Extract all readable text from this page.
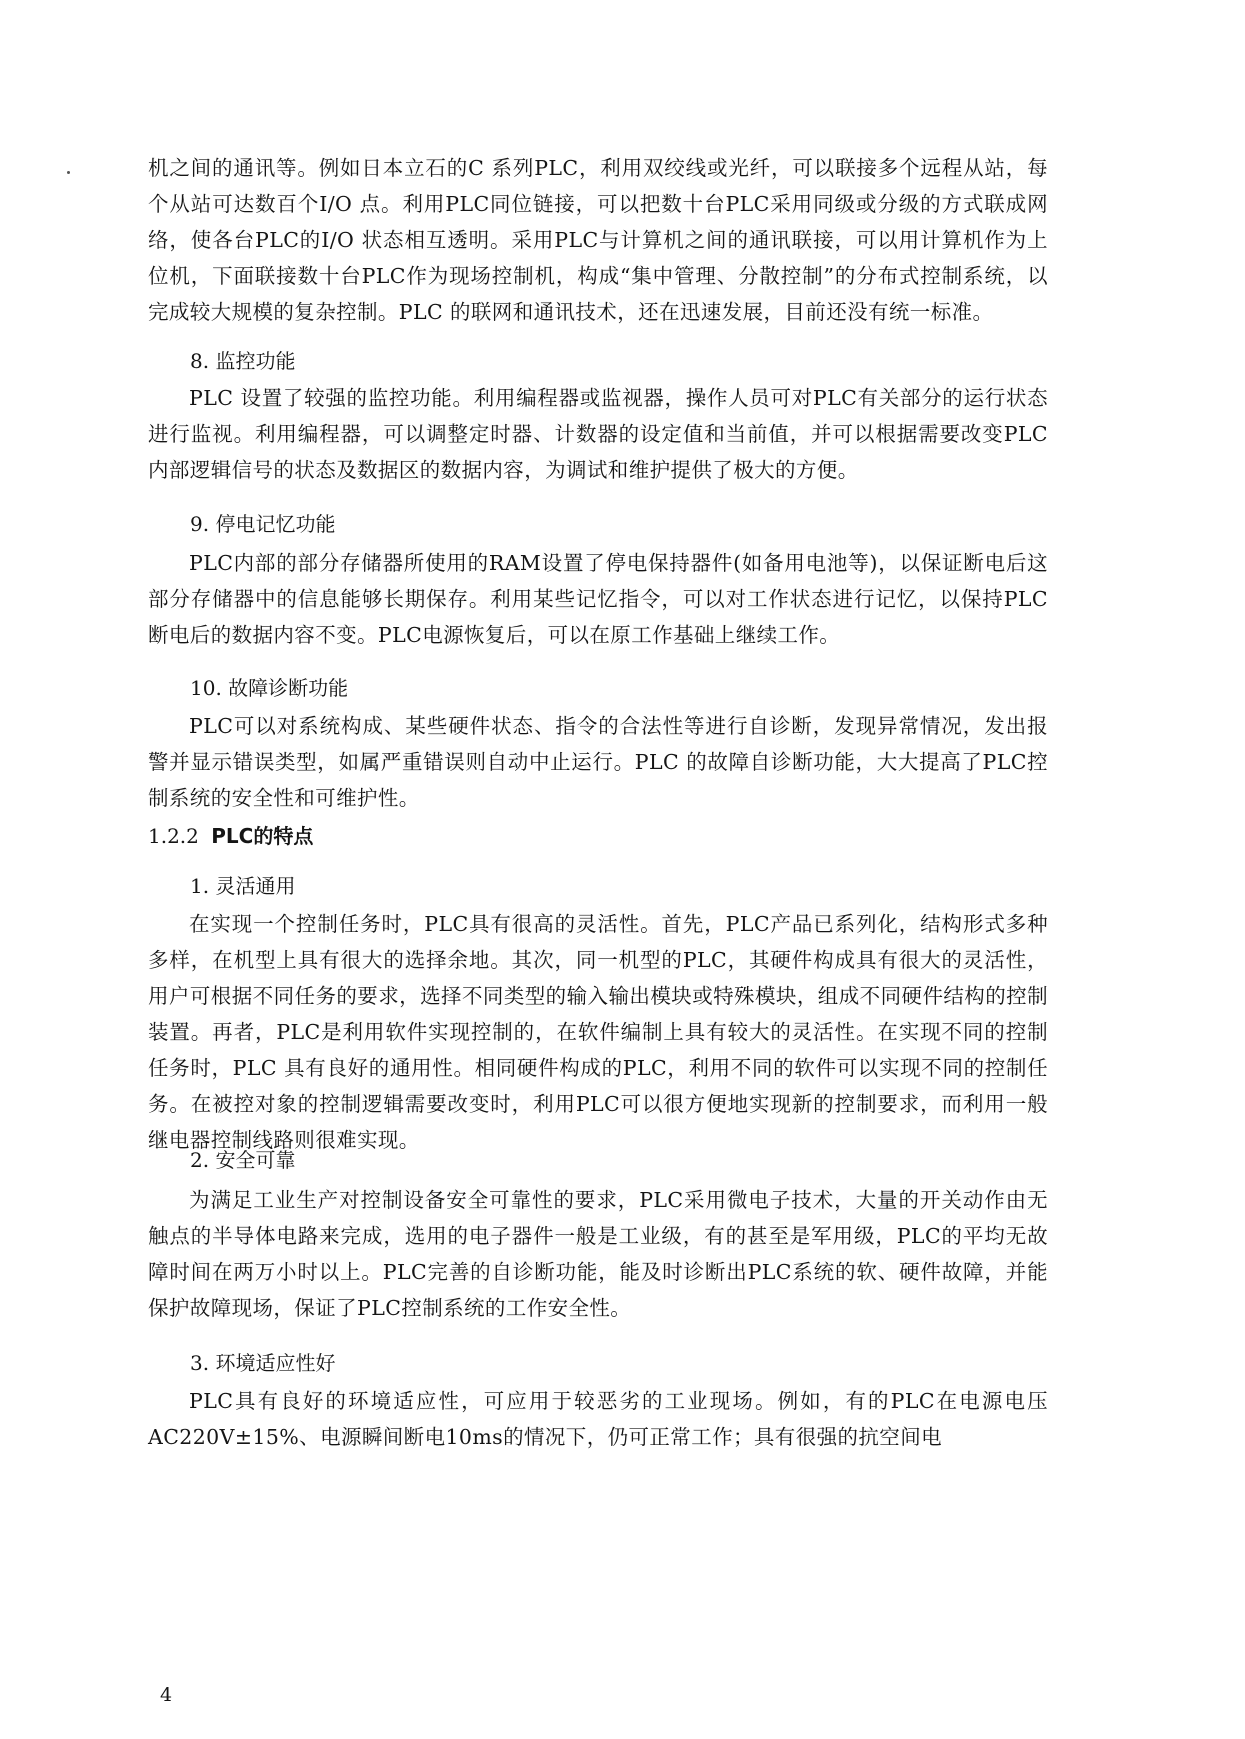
机之间的通讯等。例如日本立石的C 系列PLC，利用双绞线或光纤，可以联接多个远程从站，每个从站可达数百个I/O 点。利用PLC同位链接，可以把数十台PLC采用同级或分级的方式联成网络，使各台PLC的I/O 状态相互透明。采用PLC与计算机之间的通讯联接，可以用计算机作为上位机，下面联接数十台PLC作为现场控制机，构成“集中管理、分散控制”的分布式控制系统，以完成较大规模的复杂控制。PLC 的联网和通讯技术，还在迅速发展，目前还没有统一标准。

8. 监控功能

PLC 设置了较强的监控功能。利用编程器或监视器，操作人员可对PLC有关部分的运行状态进行监视。利用编程器，可以调整定时器、计数器的设定值和当前值，并可以根据需要改变PLC内部逻辑信号的状态及数据区的数据内容，为调试和维护提供了极大的方便。

9. 停电记忆功能

PLC内部的部分存储器所使用的RAM设置了停电保持器件(如备用电池等)，以保证断电后这部分存储器中的信息能够长期保存。利用某些记忆指令，可以对工作状态进行记忆，以保持PLC断电后的数据内容不变。PLC电源恢复后，可以在原工作基础上继续工作。

10. 故障诊断功能

PLC可以对系统构成、某些硬件状态、指令的合法性等进行自诊断，发现异常情况，发出报警并显示错误类型，如属严重错误则自动中止运行。PLC 的故障自诊断功能，大大提高了PLC控制系统的安全性和可维护性。

1.2.2 PLC的特点
1. 灵活通用

在实现一个控制任务时，PLC具有很高的灵活性。首先，PLC产品已系列化，结构形式多种多样，在机型上具有很大的选择余地。其次，同一机型的PLC，其硬件构成具有很大的灵活性，用户可根据不同任务的要求，选择不同类型的输入输出模块或特殊模块，组成不同硬件结构的控制装置。再者，PLC是利用软件实现控制的，在软件编制上具有较大的灵活性。在实现不同的控制任务时，PLC 具有良好的通用性。相同硬件构成的PLC，利用不同的软件可以实现不同的控制任务。在被控对象的控制逻辑需要改变时，利用PLC可以很方便地实现新的控制要求，而利用一般继电器控制线路则很难实现。

2. 安全可靠

为满足工业生产对控制设备安全可靠性的要求，PLC采用微电子技术，大量的开关动作由无触点的半导体电路来完成，选用的电子器件一般是工业级，有的甚至是军用级，PLC的平均无故障时间在两万小时以上。PLC完善的自诊断功能，能及时诊断出PLC系统的软、硬件故障，并能保护故障现场，保证了PLC控制系统的工作安全性。

3. 环境适应性好

PLC具有良好的环境适应性，可应用于较恶劣的工业现场。例如，有的PLC在电源电压AC220V±15%、电源瞬间断电10ms的情况下，仍可正常工作；具有很强的抗空间电

4
